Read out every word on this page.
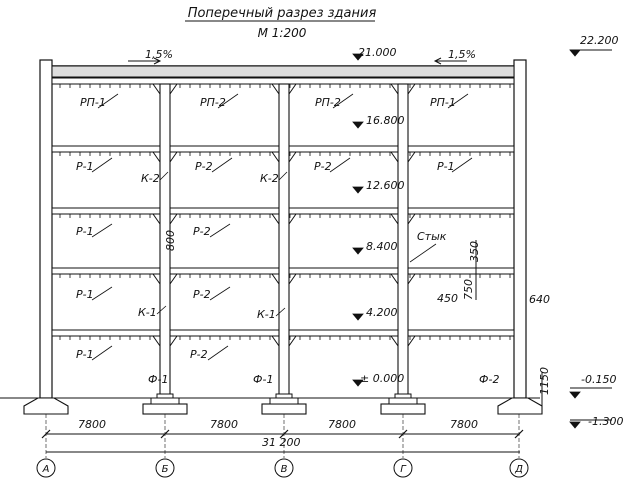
Поперечный разрез здания
М 1:200
1,5%	1,5%
22.200
21.000
16.800
12.600
8.400
4.200
± 0.000	-0.150
-1.300
РП-1	РП-2	РП-2	РП-1
Р-1	Р-2	Р-2	Р-1
Р-1	Р-2
Р-1	Р-2
Р-1	Р-2
К-2	К-2
К-1	К-1
Стык
800
350
750
450	640
1150
Ф-1	Ф-1	Ф-2
7800	7800	7800	7800
31 200
А	Б	В	Г	Д
